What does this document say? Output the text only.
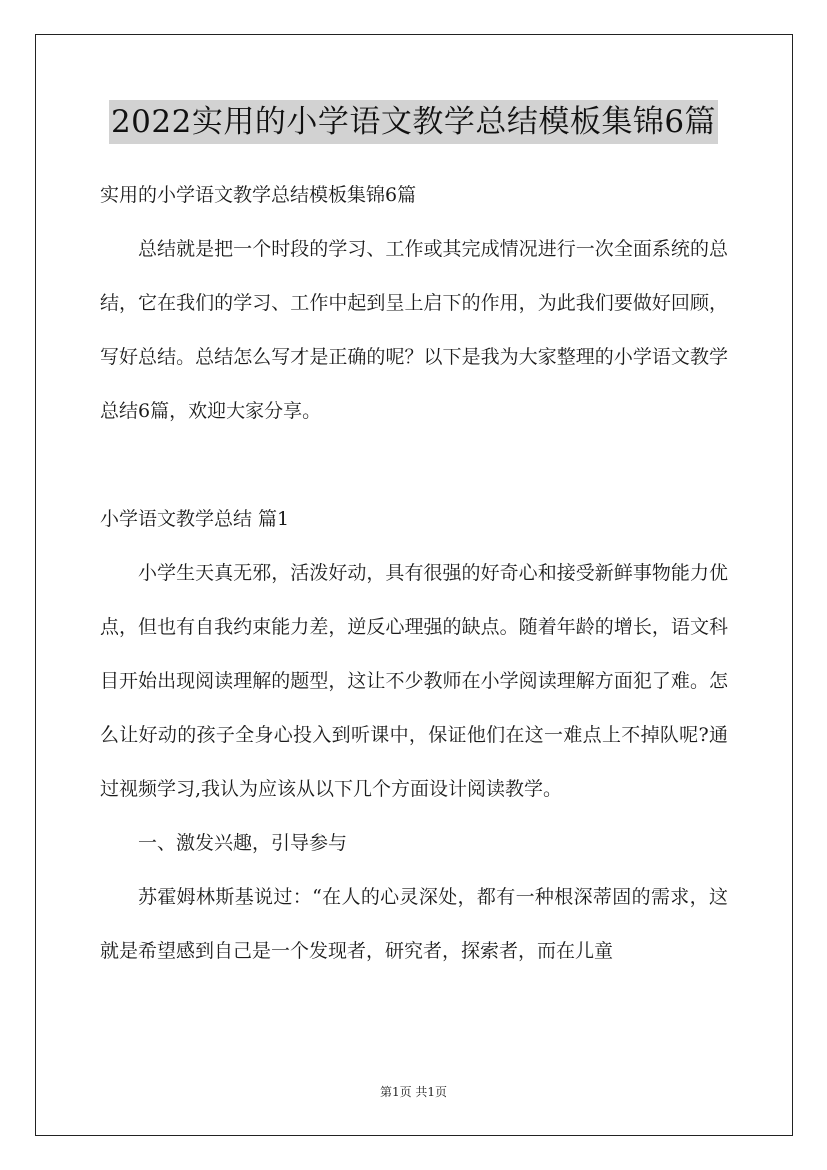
2022实用的小学语文教学总结模板集锦6篇

实用的小学语文教学总结模板集锦6篇

总结就是把一个时段的学习、工作或其完成情况进行一次全面系统的总结，它在我们的学习、工作中起到呈上启下的作用，为此我们要做好回顾，写好总结。总结怎么写才是正确的呢？以下是我为大家整理的小学语文教学总结6篇，欢迎大家分享。

小学语文教学总结 篇1

小学生天真无邪，活泼好动，具有很强的好奇心和接受新鲜事物能力优点，但也有自我约束能力差，逆反心理强的缺点。随着年龄的增长，语文科目开始出现阅读理解的题型，这让不少教师在小学阅读理解方面犯了难。怎么让好动的孩子全身心投入到听课中，保证他们在这一难点上不掉队呢?通过视频学习,我认为应该从以下几个方面设计阅读教学。

一、激发兴趣，引导参与

苏霍姆林斯基说过：“在人的心灵深处，都有一种根深蒂固的需求，这就是希望感到自己是一个发现者，研究者，探索者，而在儿童

第1页 共1页
